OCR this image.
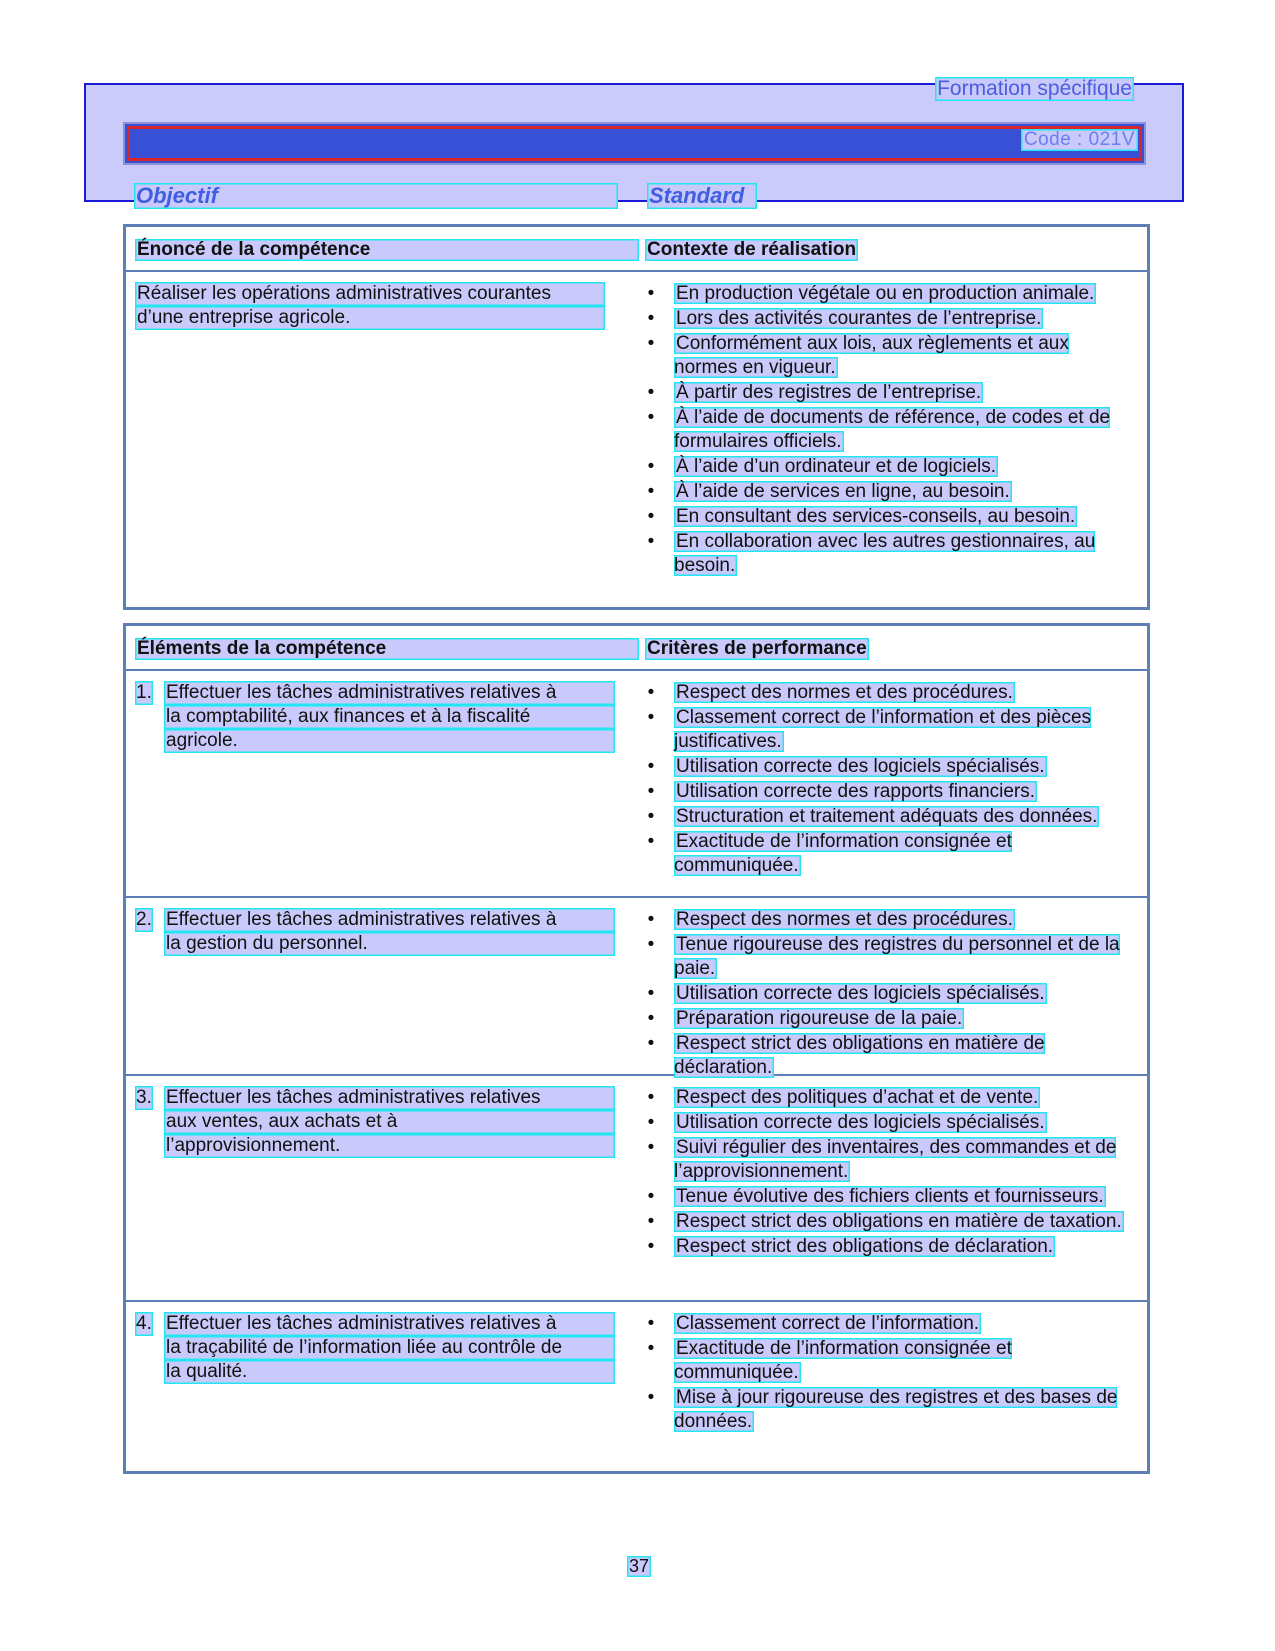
Formation spécifique
Code : 021V
Objectif	Standard
Énoncé de la compétence	Contexte de réalisation
Réaliser les opérations administratives courantes
d’une entreprise agricole.
• En production végétale ou en production animale.
• Lors des activités courantes de l’entreprise.
• Conformément aux lois, aux règlements et aux normes en vigueur.
• À partir des registres de l’entreprise.
• À l’aide de documents de référence, de codes et de formulaires officiels.
• À l’aide d’un ordinateur et de logiciels.
• À l’aide de services en ligne, au besoin.
• En consultant des services-conseils, au besoin.
• En collaboration avec les autres gestionnaires, au besoin.
Éléments de la compétence	Critères de performance
1. Effectuer les tâches administratives relatives à
la comptabilité, aux finances et à la fiscalité
agricole.
• Respect des normes et des procédures.
• Classement correct de l’information et des pièces justificatives.
• Utilisation correcte des logiciels spécialisés.
• Utilisation correcte des rapports financiers.
• Structuration et traitement adéquats des données.
• Exactitude de l’information consignée et communiquée.
2. Effectuer les tâches administratives relatives à
la gestion du personnel.
• Respect des normes et des procédures.
• Tenue rigoureuse des registres du personnel et de la paie.
• Utilisation correcte des logiciels spécialisés.
• Préparation rigoureuse de la paie.
• Respect strict des obligations en matière de déclaration.
3. Effectuer les tâches administratives relatives
aux ventes, aux achats et à
l’approvisionnement.
• Respect des politiques d’achat et de vente.
• Utilisation correcte des logiciels spécialisés.
• Suivi régulier des inventaires, des commandes et de l’approvisionnement.
• Tenue évolutive des fichiers clients et fournisseurs.
• Respect strict des obligations en matière de taxation.
• Respect strict des obligations de déclaration.
4. Effectuer les tâches administratives relatives à
la traçabilité de l’information liée au contrôle de
la qualité.
• Classement correct de l’information.
• Exactitude de l’information consignée et communiquée.
• Mise à jour rigoureuse des registres et des bases de données.
37
